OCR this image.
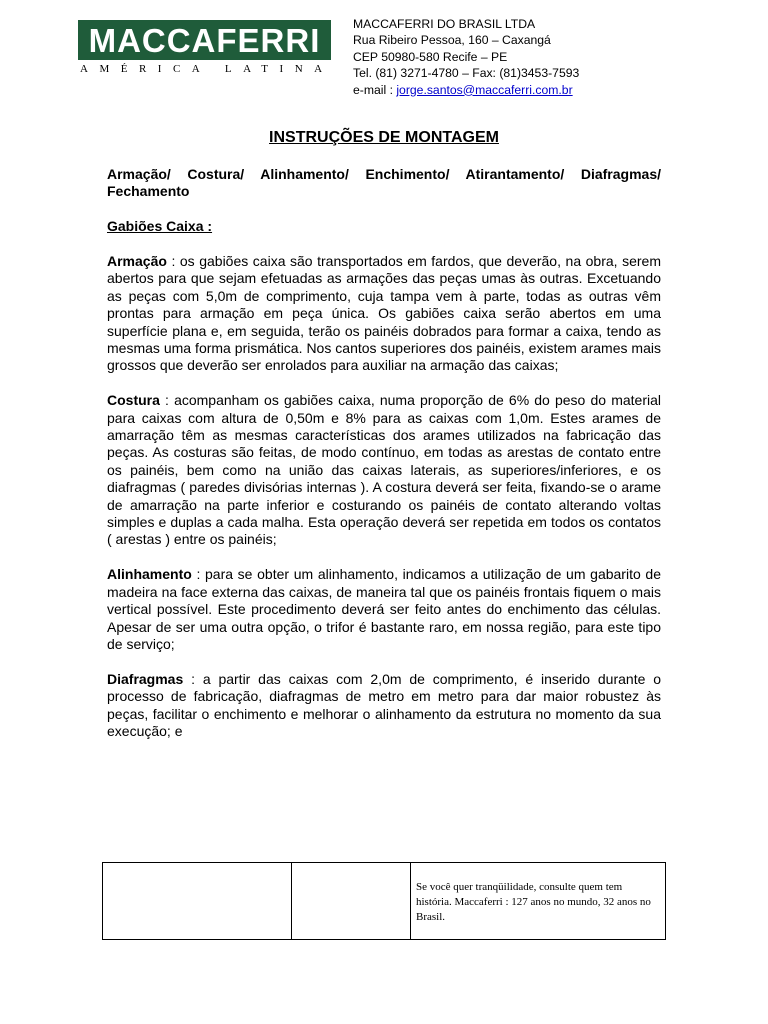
MACCAFERRI
AMÉRICA LATINA
MACCAFERRI DO BRASIL LTDA
Rua Ribeiro Pessoa, 160 – Caxangá
CEP 50980-580 Recife – PE
Tel. (81) 3271-4780 – Fax: (81)3453-7593
e-mail : jorge.santos@maccaferri.com.br
INSTRUÇÕES DE MONTAGEM

Armação/ Costura/ Alinhamento/ Enchimento/ Atirantamento/ Diafragmas/ Fechamento

Gabiões Caixa :

Armação : os gabiões caixa são transportados em fardos, que deverão, na obra, serem abertos para que sejam efetuadas as armações das peças umas às outras. Excetuando as peças com 5,0m de comprimento, cuja tampa vem à parte, todas as outras vêm prontas para armação em peça única. Os gabiões caixa serão abertos em uma superfície plana e, em seguida, terão os painéis dobrados para formar a caixa, tendo as mesmas uma forma prismática. Nos cantos superiores dos painéis, existem arames mais grossos que deverão ser enrolados para auxiliar na armação das caixas;

Costura : acompanham os gabiões caixa, numa proporção de 6% do peso do material para caixas com altura de 0,50m e 8% para as caixas com 1,0m. Estes arames de amarração têm as mesmas características dos arames utilizados na fabricação das peças. As costuras são feitas, de modo contínuo, em todas as arestas de contato entre os painéis, bem como na união das caixas laterais, as superiores/inferiores, e os diafragmas ( paredes divisórias internas ). A costura deverá ser feita, fixando-se o arame de amarração na parte inferior e costurando os painéis de contato alterando voltas simples e duplas a cada malha. Esta operação deverá ser repetida em todos os contatos ( arestas ) entre os painéis;

Alinhamento : para se obter um alinhamento, indicamos a utilização de um gabarito de madeira na face externa das caixas, de maneira tal que os painéis frontais fiquem o mais vertical possível. Este procedimento deverá ser feito antes do enchimento das células. Apesar de ser uma outra opção, o trifor é bastante raro, em nossa região, para este tipo de serviço;

Diafragmas : a partir das caixas com 2,0m de comprimento, é inserido durante o processo de fabricação, diafragmas de metro em metro para dar maior robustez às peças, facilitar o enchimento e melhorar o alinhamento da estrutura no momento da sua execução; e

		Se você quer tranqüilidade, consulte quem tem história. Maccaferri : 127 anos no mundo, 32 anos no Brasil.
